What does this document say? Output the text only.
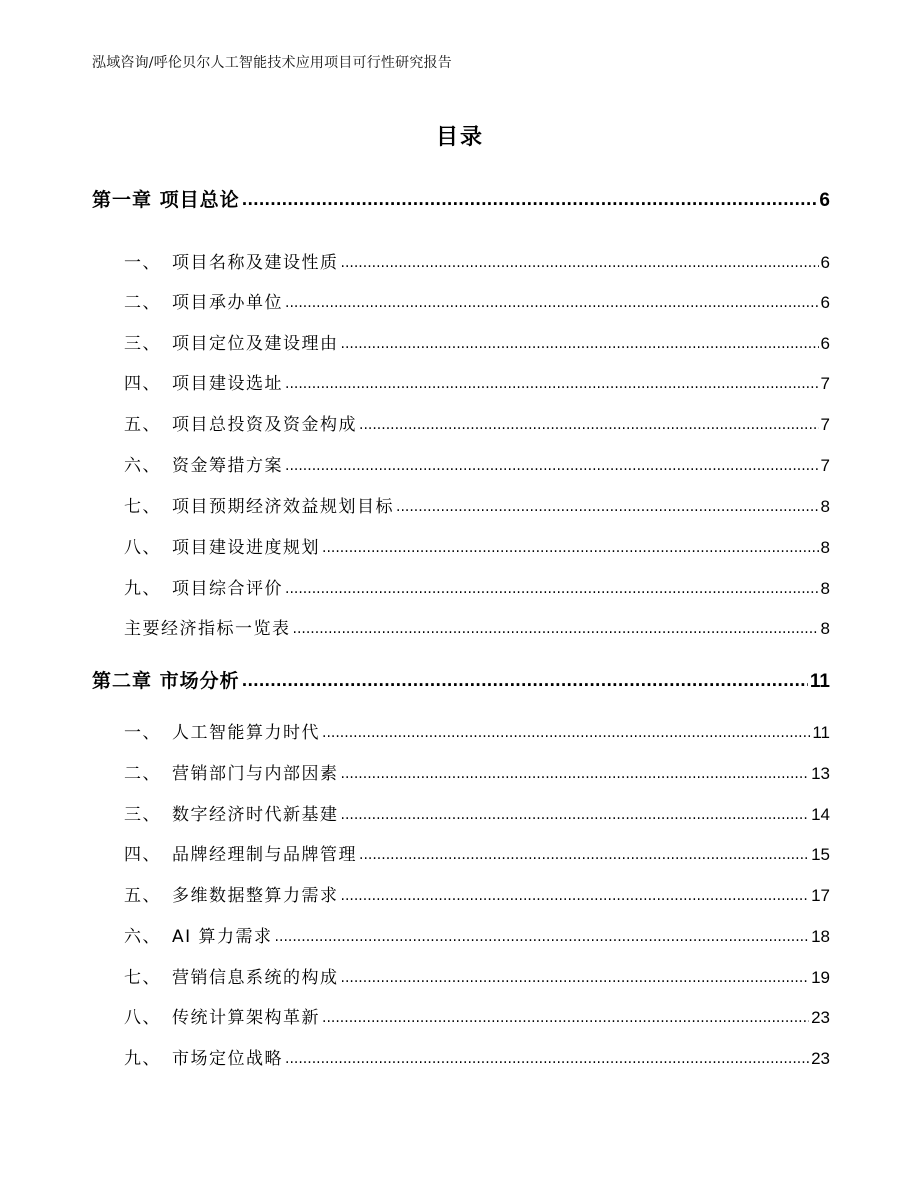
泓域咨询/呼伦贝尔人工智能技术应用项目可行性研究报告
目录
第一章 项目总论 .....	6
一、 项目名称及建设性质 .....	6
二、 项目承办单位 .....	6
三、 项目定位及建设理由 .....	6
四、 项目建设选址 .....	7
五、 项目总投资及资金构成 .....	7
六、 资金筹措方案 .....	7
七、 项目预期经济效益规划目标 .....	8
八、 项目建设进度规划 .....	8
九、 项目综合评价 .....	8
主要经济指标一览表 .....	8
第二章 市场分析 .....	11
一、 人工智能算力时代 .....	11
二、 营销部门与内部因素 .....	13
三、 数字经济时代新基建 .....	14
四、 品牌经理制与品牌管理 .....	15
五、 多维数据整算力需求 .....	17
六、 AI 算力需求 .....	18
七、 营销信息系统的构成 .....	19
八、 传统计算架构革新 .....	23
九、 市场定位战略 .....	23
